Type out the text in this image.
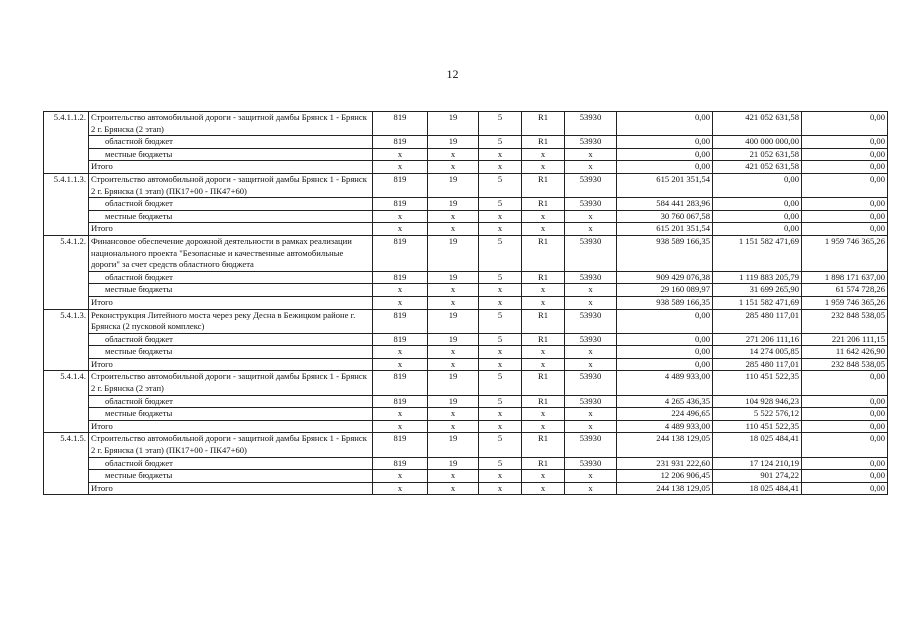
12
5.4.1.1.2.	Строительство автомобильной дороги - защитной дамбы Брянск 1 - Брянск 2 г. Брянска (2 этап)	819	19	5	R1	53930	0,00	421 052 631,58	0,00
	областной бюджет	819	19	5	R1	53930	0,00	400 000 000,00	0,00
	местные бюджеты	x	x	x	x	x	0,00	21 052 631,58	0,00
	Итого	x	x	x	x	x	0,00	421 052 631,58	0,00
5.4.1.1.3.	Строительство автомобильной дороги - защитной дамбы Брянск 1 - Брянск 2 г. Брянска (1 этап) (ПК17+00 - ПК47+60)	819	19	5	R1	53930	615 201 351,54	0,00	0,00
	областной бюджет	819	19	5	R1	53930	584 441 283,96	0,00	0,00
	местные бюджеты	x	x	x	x	x	30 760 067,58	0,00	0,00
	Итого	x	x	x	x	x	615 201 351,54	0,00	0,00
5.4.1.2.	Финансовое обеспечение дорожной деятельности в рамках реализации национального проекта "Безопасные и качественные автомобильные дороги" за счет средств областного бюджета	819	19	5	R1	53930	938 589 166,35	1 151 582 471,69	1 959 746 365,26
	областной бюджет	819	19	5	R1	53930	909 429 076,38	1 119 883 205,79	1 898 171 637,00
	местные бюджеты	x	x	x	x	x	29 160 089,97	31 699 265,90	61 574 728,26
	Итого	x	x	x	x	x	938 589 166,35	1 151 582 471,69	1 959 746 365,26
5.4.1.3.	Реконструкция Литейного моста через реку Десна в Бежицком районе г. Брянска (2 пусковой комплекс)	819	19	5	R1	53930	0,00	285 480 117,01	232 848 538,05
	областной бюджет	819	19	5	R1	53930	0,00	271 206 111,16	221 206 111,15
	местные бюджеты	x	x	x	x	x	0,00	14 274 005,85	11 642 426,90
	Итого	x	x	x	x	x	0,00	285 480 117,01	232 848 538,05
5.4.1.4.	Строительство автомобильной дороги - защитной дамбы Брянск 1 - Брянск 2 г. Брянска (2 этап)	819	19	5	R1	53930	4 489 933,00	110 451 522,35	0,00
	областной бюджет	819	19	5	R1	53930	4 265 436,35	104 928 946,23	0,00
	местные бюджеты	x	x	x	x	x	224 496,65	5 522 576,12	0,00
	Итого	x	x	x	x	x	4 489 933,00	110 451 522,35	0,00
5.4.1.5.	Строительство автомобильной дороги - защитной дамбы Брянск 1 - Брянск 2 г. Брянска (1 этап) (ПК17+00 - ПК47+60)	819	19	5	R1	53930	244 138 129,05	18 025 484,41	0,00
	областной бюджет	819	19	5	R1	53930	231 931 222,60	17 124 210,19	0,00
	местные бюджеты	x	x	x	x	x	12 206 906,45	901 274,22	0,00
	Итого	x	x	x	x	x	244 138 129,05	18 025 484,41	0,00
